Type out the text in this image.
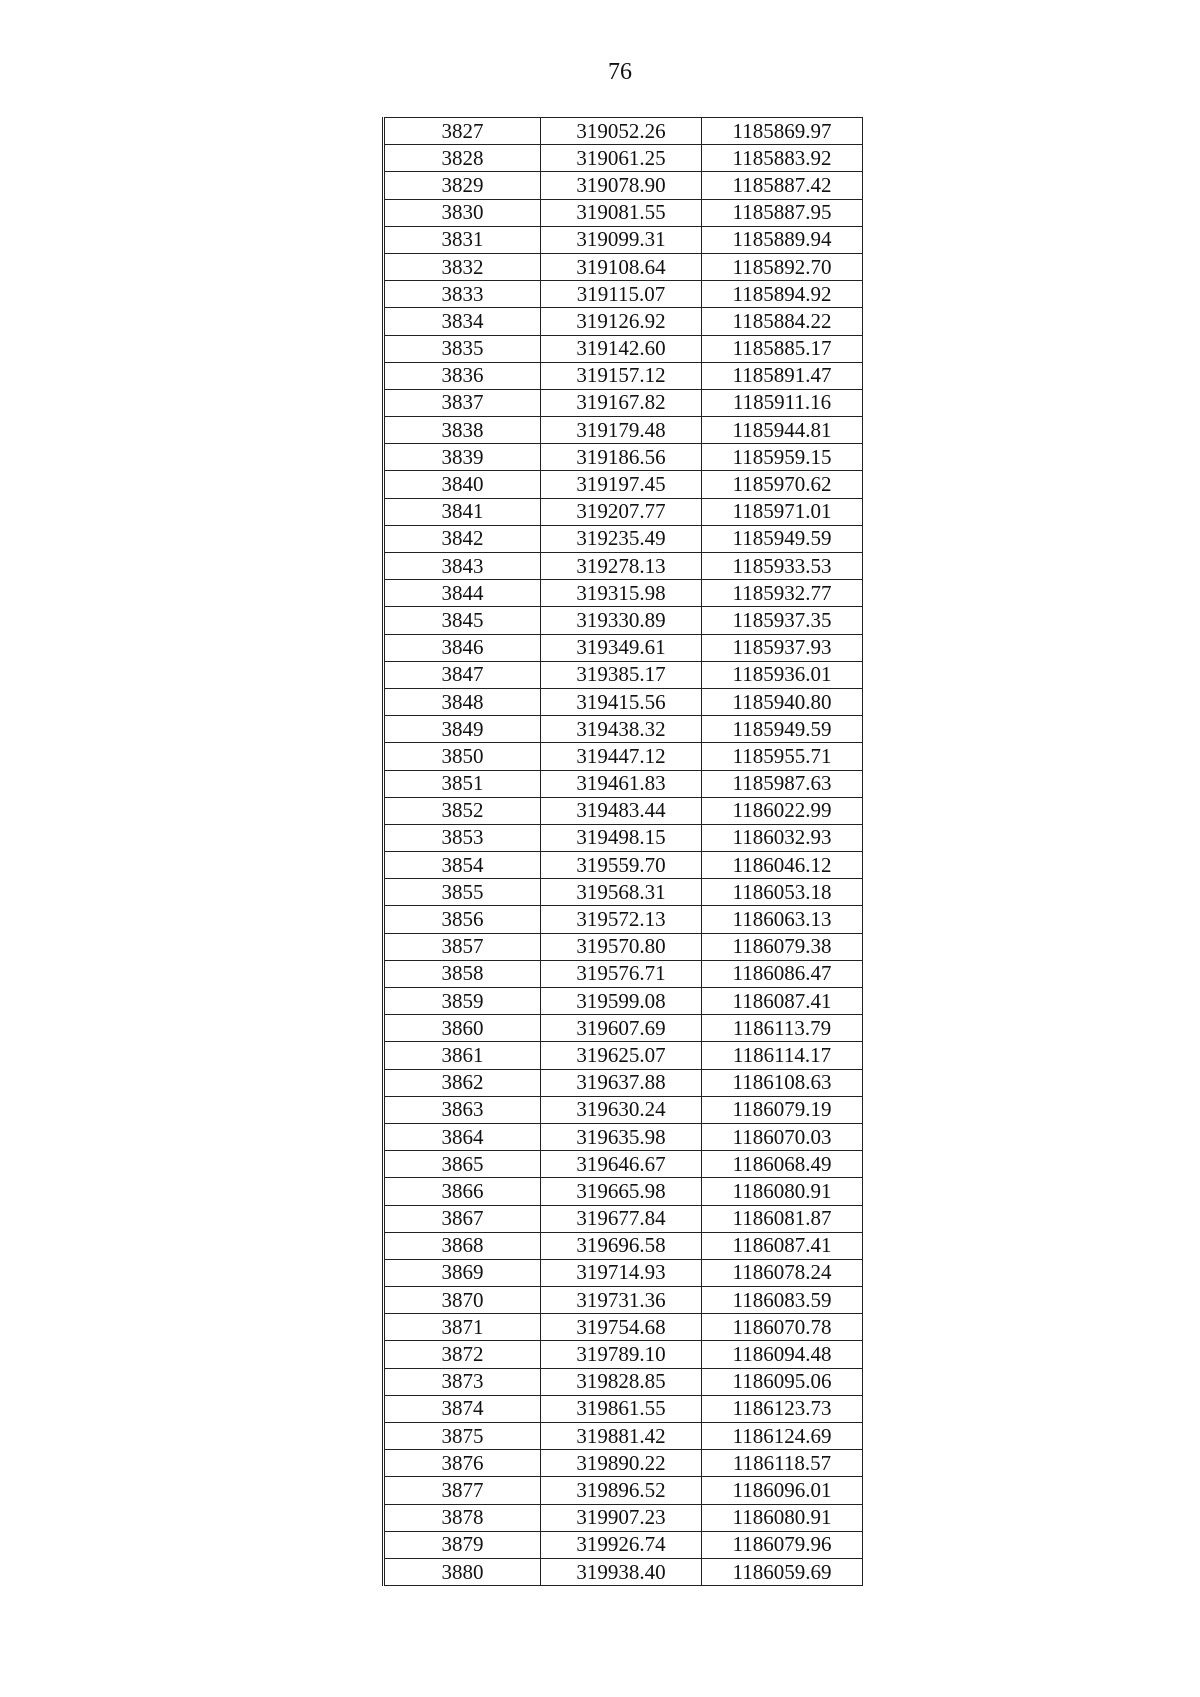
76
3827	319052.26	1185869.97
3828	319061.25	1185883.92
3829	319078.90	1185887.42
3830	319081.55	1185887.95
3831	319099.31	1185889.94
3832	319108.64	1185892.70
3833	319115.07	1185894.92
3834	319126.92	1185884.22
3835	319142.60	1185885.17
3836	319157.12	1185891.47
3837	319167.82	1185911.16
3838	319179.48	1185944.81
3839	319186.56	1185959.15
3840	319197.45	1185970.62
3841	319207.77	1185971.01
3842	319235.49	1185949.59
3843	319278.13	1185933.53
3844	319315.98	1185932.77
3845	319330.89	1185937.35
3846	319349.61	1185937.93
3847	319385.17	1185936.01
3848	319415.56	1185940.80
3849	319438.32	1185949.59
3850	319447.12	1185955.71
3851	319461.83	1185987.63
3852	319483.44	1186022.99
3853	319498.15	1186032.93
3854	319559.70	1186046.12
3855	319568.31	1186053.18
3856	319572.13	1186063.13
3857	319570.80	1186079.38
3858	319576.71	1186086.47
3859	319599.08	1186087.41
3860	319607.69	1186113.79
3861	319625.07	1186114.17
3862	319637.88	1186108.63
3863	319630.24	1186079.19
3864	319635.98	1186070.03
3865	319646.67	1186068.49
3866	319665.98	1186080.91
3867	319677.84	1186081.87
3868	319696.58	1186087.41
3869	319714.93	1186078.24
3870	319731.36	1186083.59
3871	319754.68	1186070.78
3872	319789.10	1186094.48
3873	319828.85	1186095.06
3874	319861.55	1186123.73
3875	319881.42	1186124.69
3876	319890.22	1186118.57
3877	319896.52	1186096.01
3878	319907.23	1186080.91
3879	319926.74	1186079.96
3880	319938.40	1186059.69
